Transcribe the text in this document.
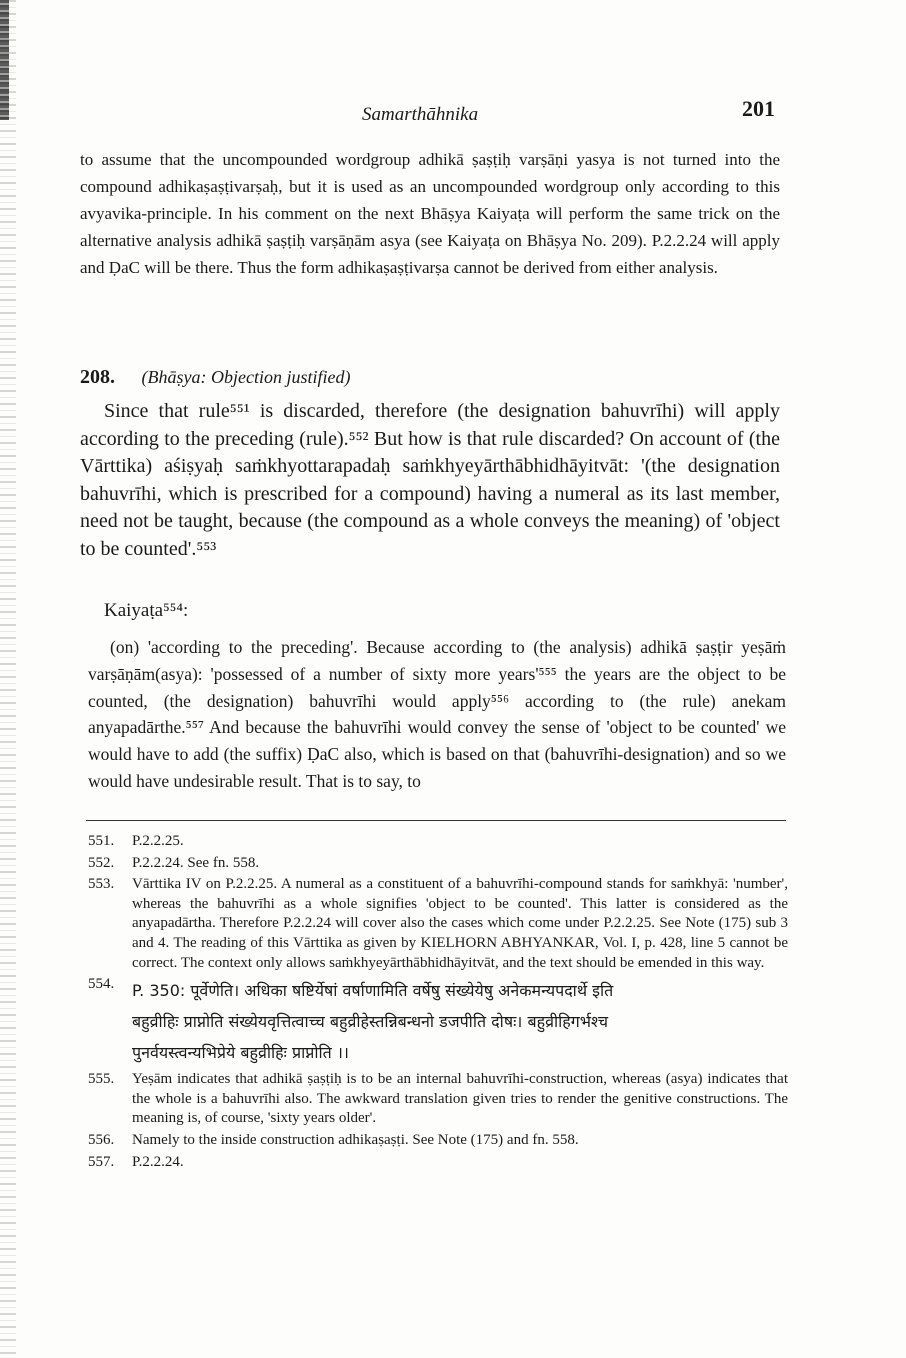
Samarthāhnika	201

to assume that the uncompounded wordgroup adhikā ṣaṣṭiḥ varṣāṇi yasya is not turned into the compound adhikaṣaṣṭivarṣaḥ, but it is used as an uncompounded wordgroup only according to this avyavika-principle. In his comment on the next Bhāṣya Kaiyaṭa will perform the same trick on the alternative analysis adhikā ṣaṣṭiḥ varṣāṇām asya (see Kaiyaṭa on Bhāṣya No. 209). P.2.2.24 will apply and ḌaC will be there. Thus the form adhikaṣaṣṭivarṣa cannot be derived from either analysis.

208. (Bhāṣya: Objection justified)

Since that rule⁵⁵¹ is discarded, therefore (the designation bahuvrīhi) will apply according to the preceding (rule).⁵⁵² But how is that rule discarded? On account of (the Vārttika) aśiṣyaḥ saṁkhyottarapadaḥ saṁkhyeyārthābhidhāyitvāt: '(the designation bahuvrīhi, which is prescribed for a compound) having a numeral as its last member, need not be taught, because (the compound as a whole conveys the meaning) of 'object to be counted'.⁵⁵³

Kaiyaṭa⁵⁵⁴:

(on) 'according to the preceding'. Because according to (the analysis) adhikā ṣaṣṭir yeṣāṁ varṣāṇām(asya): 'possessed of a number of sixty more years'⁵⁵⁵ the years are the object to be counted, (the designation) bahuvrīhi would apply⁵⁵⁶ according to (the rule) anekam anyapadārthe.⁵⁵⁷ And because the bahuvrīhi would convey the sense of 'object to be counted' we would have to add (the suffix) ḌaC also, which is based on that (bahuvrīhi-designation) and so we would have undesirable result. That is to say, to

551.	P.2.2.25.
552.	P.2.2.24. See fn. 558.
553.	Vārttika IV on P.2.2.25. A numeral as a constituent of a bahuvrīhi-compound stands for saṁkhyā: 'number', whereas the bahuvrīhi as a whole signifies 'object to be counted'. This latter is considered as the anyapadārtha. Therefore P.2.2.24 will cover also the cases which come under P.2.2.25. See Note (175) sub 3 and 4. The reading of this Vārttika as given by KIELHORN ABHYANKAR, Vol. I, p. 428, line 5 cannot be correct. The context only allows saṁkhyeyārthābhidhāyitvāt, and the text should be emended in this way.
554.	P. 350: पूर्वेणेति। अधिका षष्टिर्येषां वर्षाणामिति वर्षेषु संख्येयेषु अनेकमन्यपदार्थे इति
बहुव्रीहिः प्राप्नोति संख्येयवृत्तित्वाच्च बहुव्रीहेस्तन्निबन्धनो डजपीति दोषः। बहुव्रीहिगर्भश्च
पुनर्वयस्त्वन्यभिप्रेये बहुव्रीहिः प्राप्नोति ।।
555.	Yeṣām indicates that adhikā ṣaṣṭiḥ is to be an internal bahuvrīhi-construction, whereas (asya) indicates that the whole is a bahuvrīhi also. The awkward translation given tries to render the genitive constructions. The meaning is, of course, 'sixty years older'.
556.	Namely to the inside construction adhikaṣaṣṭi. See Note (175) and fn. 558.
557.	P.2.2.24.
